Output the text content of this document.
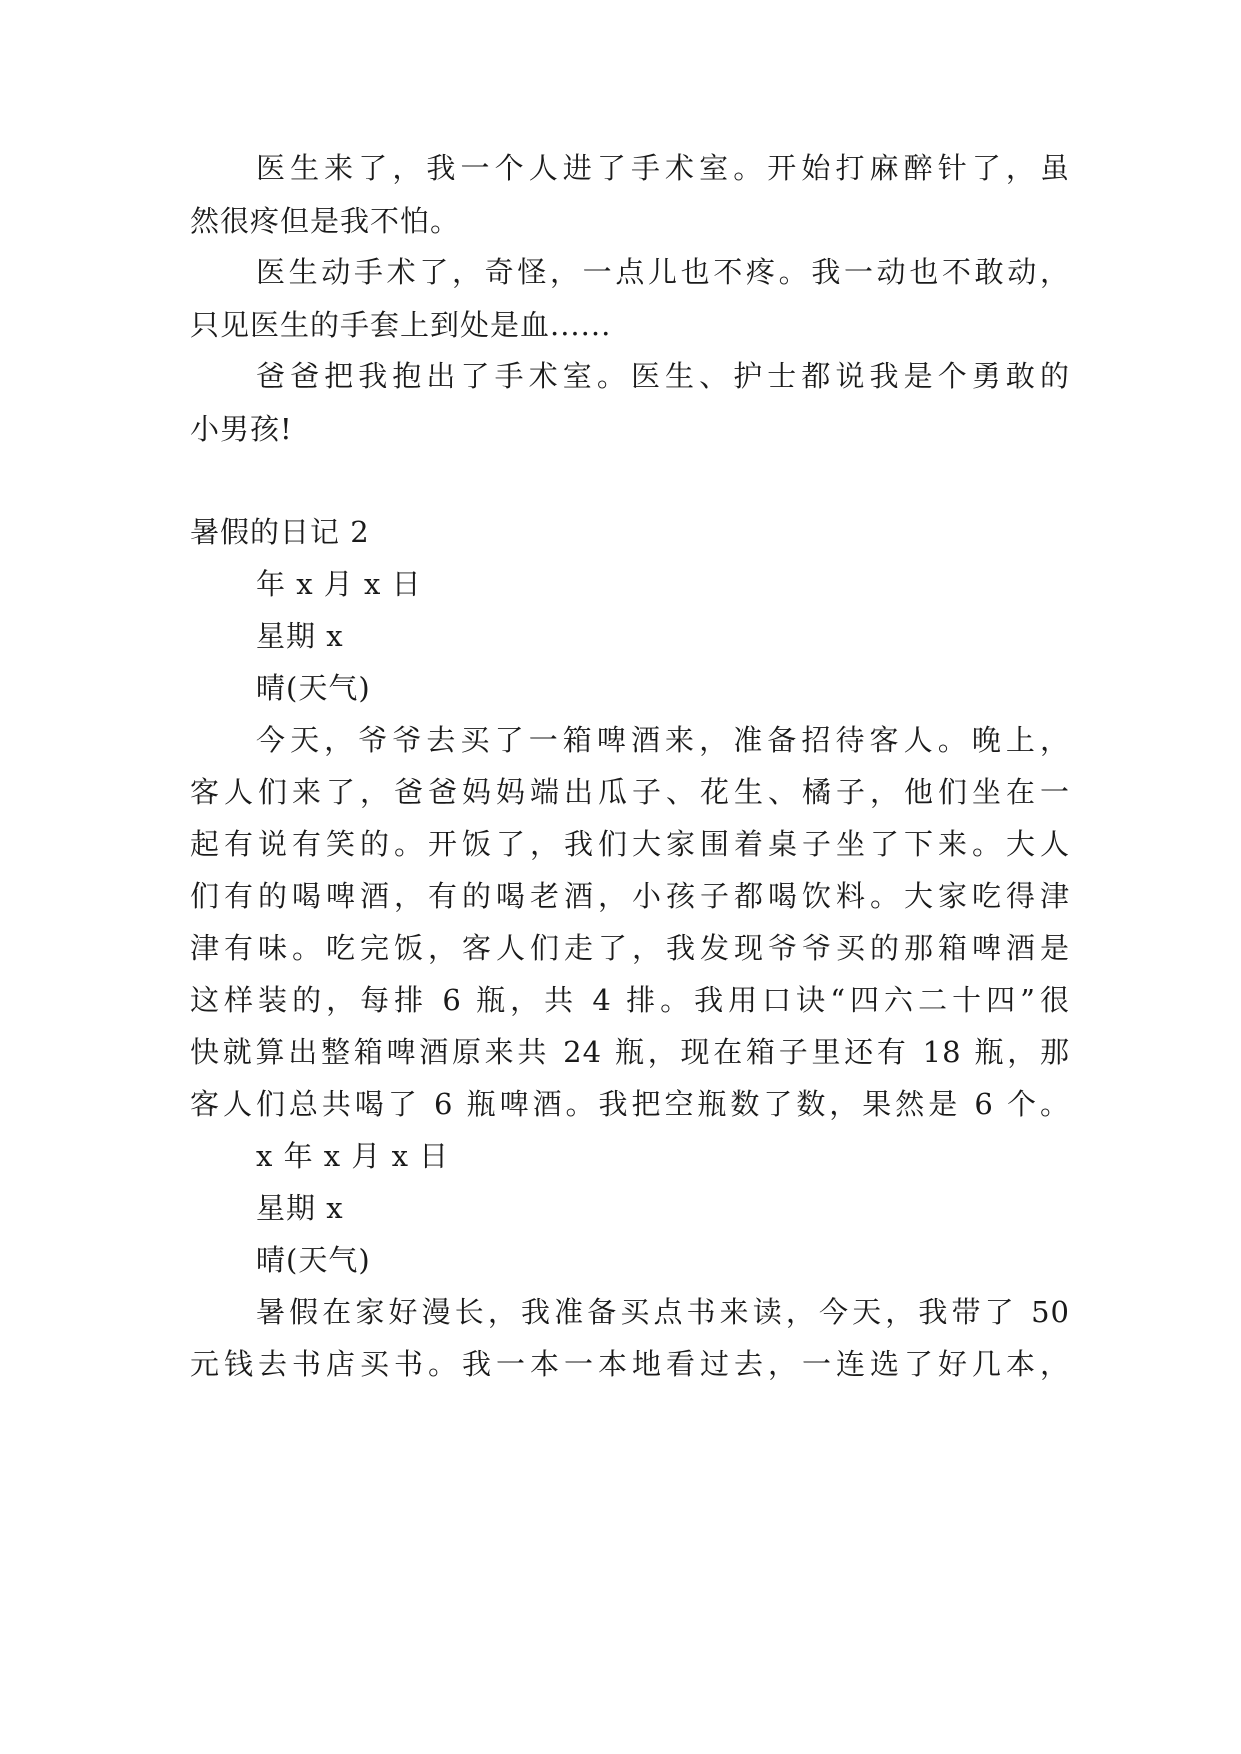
医生来了，我一个人进了手术室。开始打麻醉针了，虽
然很疼但是我不怕。
医生动手术了，奇怪，一点儿也不疼。我一动也不敢动，
只见医生的手套上到处是血......
爸爸把我抱出了手术室。医生、护士都说我是个勇敢的
小男孩!
暑假的日记 2
年 x 月 x 日
星期 x
晴(天气)
今天，爷爷去买了一箱啤酒来，准备招待客人。晚上，
客人们来了，爸爸妈妈端出瓜子、花生、橘子，他们坐在一
起有说有笑的。开饭了，我们大家围着桌子坐了下来。大人
们有的喝啤酒，有的喝老酒，小孩子都喝饮料。大家吃得津
津有味。吃完饭，客人们走了，我发现爷爷买的那箱啤酒是
这样装的，每排 6 瓶，共 4 排。我用口诀“四六二十四”很
快就算出整箱啤酒原来共 24 瓶，现在箱子里还有 18 瓶，那
客人们总共喝了 6 瓶啤酒。我把空瓶数了数，果然是 6 个。
x 年 x 月 x 日
星期 x
晴(天气)
暑假在家好漫长，我准备买点书来读，今天，我带了 50
元钱去书店买书。我一本一本地看过去，一连选了好几本，
